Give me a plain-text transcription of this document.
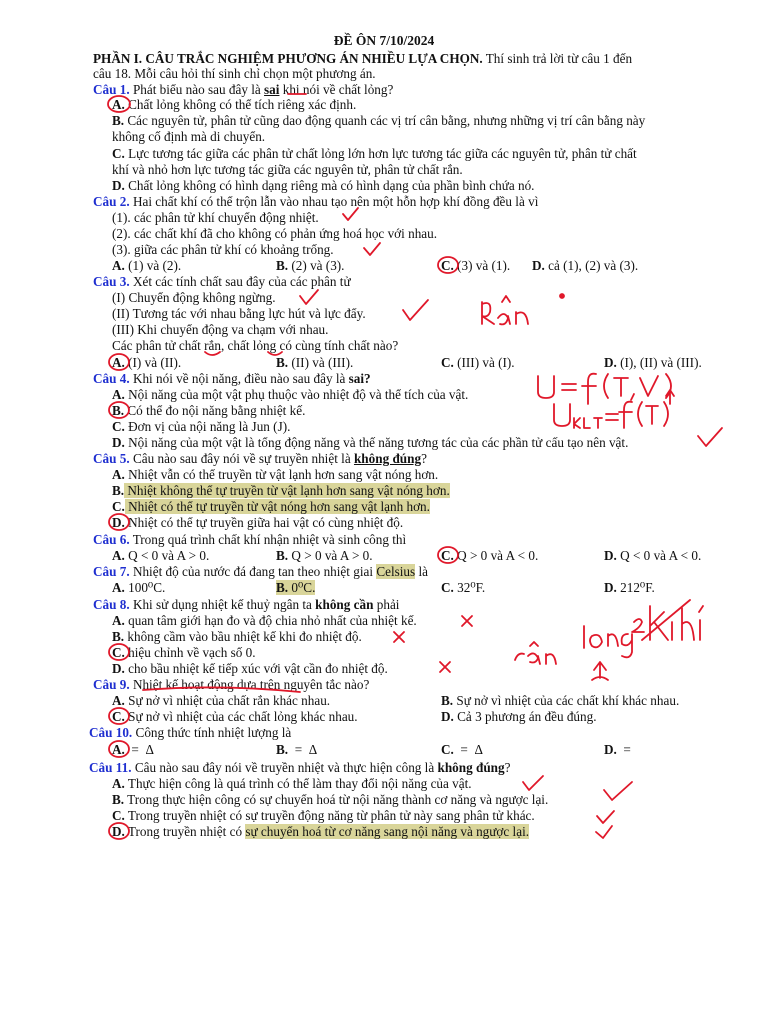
ĐỀ ÔN 7/10/2024
PHẦN I. CÂU TRẮC NGHIỆM PHƯƠNG ÁN NHIỀU LỰA CHỌN. Thí sinh trả lời từ câu 1 đến
câu 18. Mỗi câu hỏi thí sinh chỉ chọn một phương án.
Câu 1. Phát biểu nào sau đây là sai khi nói về chất lỏng?
A. Chất lỏng không có thể tích riêng xác định.
B. Các nguyên tử, phân tử cũng dao động quanh các vị trí cân bằng, nhưng những vị trí cân bằng này
không cố định mà di chuyển.
C. Lực tương tác giữa các phân tử chất lỏng lớn hơn lực tương tác giữa các nguyên tử, phân tử chất
khí và nhỏ hơn lực tương tác giữa các nguyên tử, phân tử chất rắn.
D. Chất lỏng không có hình dạng riêng mà có hình dạng của phần bình chứa nó.
Câu 2. Hai chất khí có thể trộn lẫn vào nhau tạo nên một hỗn hợp khí đồng đều là vì
(1). các phân tử khí chuyển động nhiệt.
(2). các chất khí đã cho không có phản ứng hoá học với nhau.
(3). giữa các phân tử khí có khoảng trống.
A. (1) và (2).	B. (2) và (3).	C. (3) và (1). D. cả (1), (2) và (3).
Câu 3. Xét các tính chất sau đây của các phân tử
(I) Chuyển động không ngừng.
(II) Tương tác với nhau bằng lực hút và lực đẩy.
(III) Khi chuyển động va chạm với nhau.
Các phân tử chất rắn, chất lỏng có cùng tính chất nào?
A. (I) và (II).	B. (II) và (III).	C. (III) và (I).	D. (I), (II) và (III).
Câu 4. Khi nói về nội năng, điều nào sau đây là sai?
A. Nội năng của một vật phụ thuộc vào nhiệt độ và thể tích của vật.
B. Có thể đo nội năng bằng nhiệt kế.
C. Đơn vị của nội năng là Jun (J).
D. Nội năng của một vật là tổng động năng và thế năng tương tác của các phần tử cấu tạo nên vật.
Câu 5. Câu nào sau đây nói về sự truyền nhiệt là không đúng?
A. Nhiệt vẫn có thể truyền từ vật lạnh hơn sang vật nóng hơn.
B. Nhiệt không thể tự truyền từ vật lạnh hơn sang vật nóng hơn.
C. Nhiệt có thể tự truyền từ vật nóng hơn sang vật lạnh hơn.
D. Nhiệt có thể tự truyền giữa hai vật có cùng nhiệt độ.
Câu 6. Trong quá trình chất khí nhận nhiệt và sinh công thì
A. Q < 0 và A > 0.	B. Q > 0 và A > 0.	C. Q > 0 và A < 0.	D. Q < 0 và A < 0.
Câu 7. Nhiệt độ của nước đá đang tan theo nhiệt giai Celsius là
A. 100⁰C.	B. 0⁰C.	C. 32⁰F.	D. 212⁰F.
Câu 8. Khi sử dụng nhiệt kế thuỷ ngân ta không cần phải
A. quan tâm giới hạn đo và độ chia nhỏ nhất của nhiệt kế.
B. không cầm vào bầu nhiệt kế khi đo nhiệt độ.
C. hiệu chỉnh về vạch số 0.
D. cho bầu nhiệt kế tiếp xúc với vật cần đo nhiệt độ.
Câu 9. Nhiệt kế hoạt động dựa trên nguyên tắc nào?
A. Sự nở vì nhiệt của chất rắn khác nhau.	B. Sự nở vì nhiệt của các chất khí khác nhau.
C. Sự nở vì nhiệt của các chất lỏng khác nhau.	D. Cả 3 phương án đều đúng.
Câu 10. Công thức tính nhiệt lượng là
A.  =  Δ	B.  =  Δ	C.  =  Δ	D.  =
Câu 11. Câu nào sau đây nói về truyền nhiệt và thực hiện công là không đúng?
A. Thực hiện công là quá trình có thể làm thay đổi nội năng của vật.
B. Trong thực hiện công có sự chuyển hoá từ nội năng thành cơ năng và ngược lại.
C. Trong truyền nhiệt có sự truyền động năng từ phân tử này sang phân tử khác.
D. Trong truyền nhiệt có sự chuyển hoá từ cơ năng sang nội năng và ngược lại.
